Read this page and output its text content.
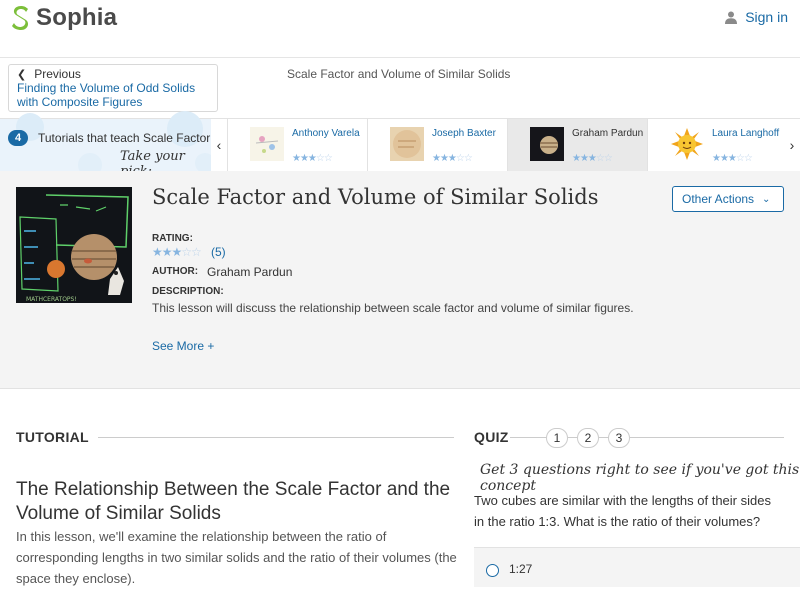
Sophia	Sign in
❮ Previous
Finding the Volume of Odd Solids with Composite Figures
Scale Factor and Volume of Similar Solids
4	Tutorials that teach Scale Factor
Take your
‹
Anthony Varela
★★★☆☆
Joseph Baxter
★★★☆☆
Graham Pardun
★★★☆☆
Laura Langhoff
★★★☆☆
›
MATHCERATOPS!
Scale Factor and Volume of Similar Solids	Other Actions ⌄
RATING:
★★★☆☆ (5)
AUTHOR: Graham Pardun
DESCRIPTION:
This lesson will discuss the relationship between scale factor and volume of similar figures.
See More +
TUTORIAL
The Relationship Between the Scale Factor and the Volume of Similar Solids
In this lesson, we'll examine the relationship between the ratio of corresponding lengths in two similar solids and the ratio of their volumes (the space they enclose).
QUIZ	1	2	3
Get 3 questions right to see if you've got this concept
Two cubes are similar with the lengths of their sides in the ratio 1:3. What is the ratio of their volumes?
1:27
